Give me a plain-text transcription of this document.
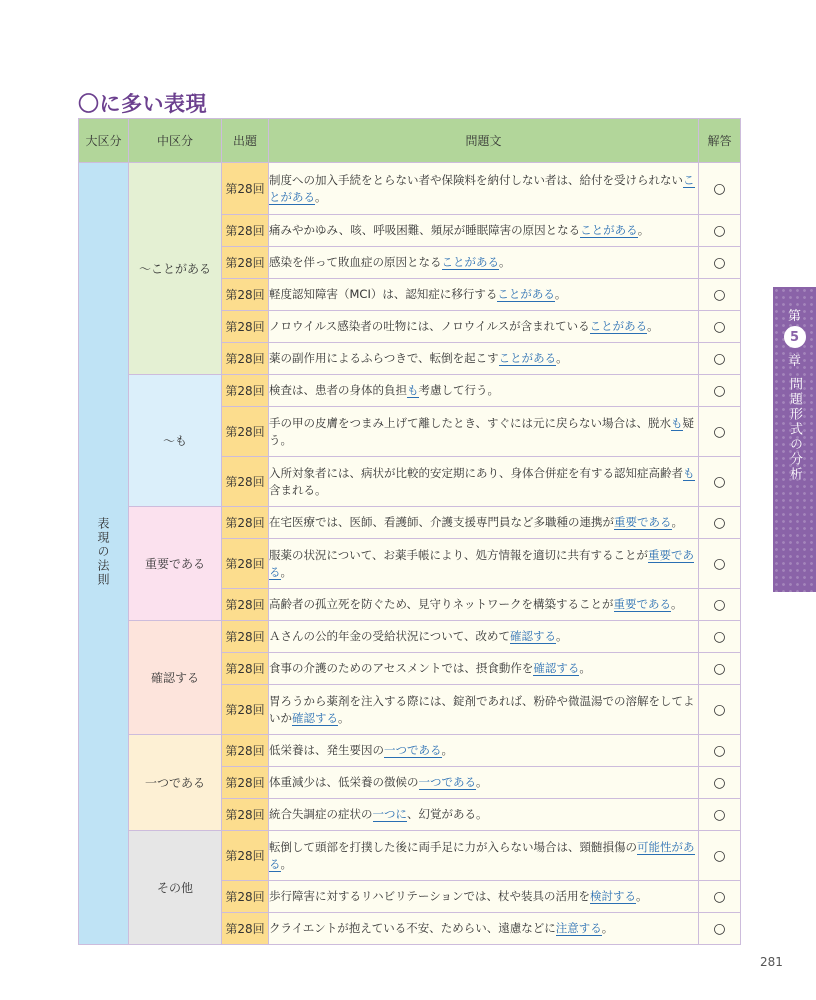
〇に多い表現
大区分	中区分	出題	問題文	解答
表現の法則	〜ことがある	第28回	制度への加入手続をとらない者や保険料を納付しない者は、給付を受けられないことがある。	○
		第28回	痛みやかゆみ、咳、呼吸困難、頻尿が睡眠障害の原因となることがある。	○
		第28回	感染を伴って敗血症の原因となることがある。	○
		第28回	軽度認知障害（MCI）は、認知症に移行することがある。	○
		第28回	ノロウイルス感染者の吐物には、ノロウイルスが含まれていることがある。	○
		第28回	薬の副作用によるふらつきで、転倒を起こすことがある。	○
	〜も	第28回	検査は、患者の身体的負担も考慮して行う。	○
		第28回	手の甲の皮膚をつまみ上げて離したとき、すぐには元に戻らない場合は、脱水も疑う。	○
		第28回	入所対象者には、病状が比較的安定期にあり、身体合併症を有する認知症高齢者も含まれる。	○
	重要である	第28回	在宅医療では、医師、看護師、介護支援専門員など多職種の連携が重要である。	○
		第28回	服薬の状況について、お薬手帳により、処方情報を適切に共有することが重要である。	○
		第28回	高齢者の孤立死を防ぐため、見守りネットワークを構築することが重要である。	○
	確認する	第28回	Ａさんの公的年金の受給状況について、改めて確認する。	○
		第28回	食事の介護のためのアセスメントでは、摂食動作を確認する。	○
		第28回	胃ろうから薬剤を注入する際には、錠剤であれば、粉砕や微温湯での溶解をしてよいか確認する。	○
	一つである	第28回	低栄養は、発生要因の一つである。	○
		第28回	体重減少は、低栄養の徴候の一つである。	○
		第28回	統合失調症の症状の一つに、幻覚がある。	○
	その他	第28回	転倒して頭部を打撲した後に両手足に力が入らない場合は、頸髄損傷の可能性がある。	○
		第28回	歩行障害に対するリハビリテーションでは、杖や装具の活用を検討する。	○
		第28回	クライエントが抱えている不安、ためらい、遠慮などに注意する。	○
第
5
章
問題形式の分析
281
